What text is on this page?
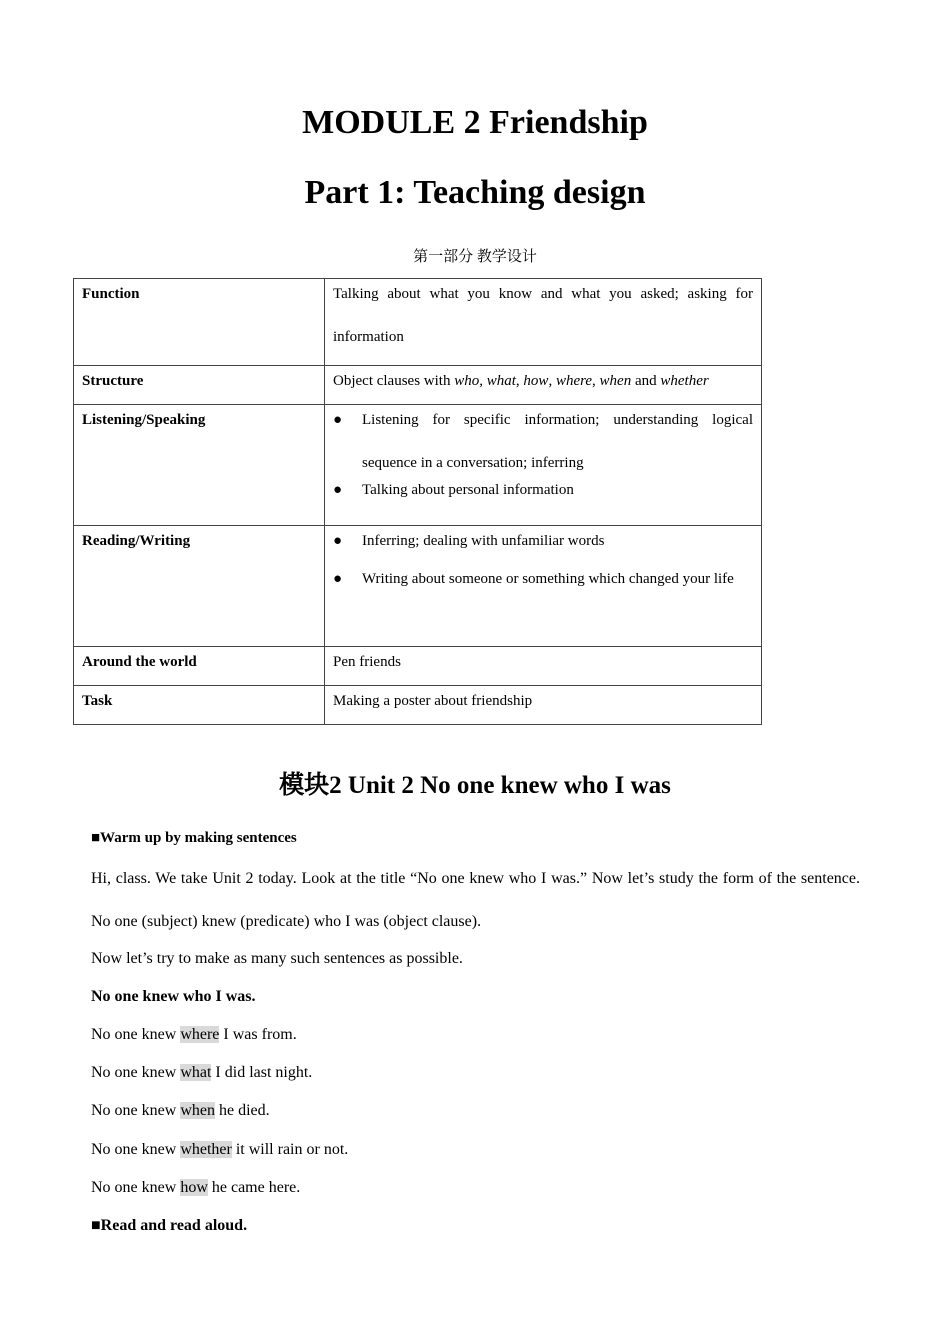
MODULE 2 Friendship
Part 1: Teaching design
第一部分 教学设计
Function	Talking about what you know and what you asked; asking for information

Structure	Object clauses with who, what, how, where, when and whether
Listening/Speaking	● Listening for specific information; understanding logical sequence in a conversation; inferring
● Talking about personal information

Reading/Writing	● Inferring; dealing with unfamiliar words
● Writing about someone or something which changed your life

Around the world	Pen friends
Task	Making a poster about friendship
模块2 Unit 2 No one knew who I was
■Warm up by making sentences
Hi, class. We take Unit 2 today. Look at the title “No one knew who I was.” Now let’s study the form of the sentence. No one (subject) knew (predicate) who I was (object clause).
Now let’s try to make as many such sentences as possible.
No one knew who I was.
No one knew where I was from.
No one knew what I did last night.
No one knew when he died.
No one knew whether it will rain or not.
No one knew how he came here.
■Read and read aloud.
